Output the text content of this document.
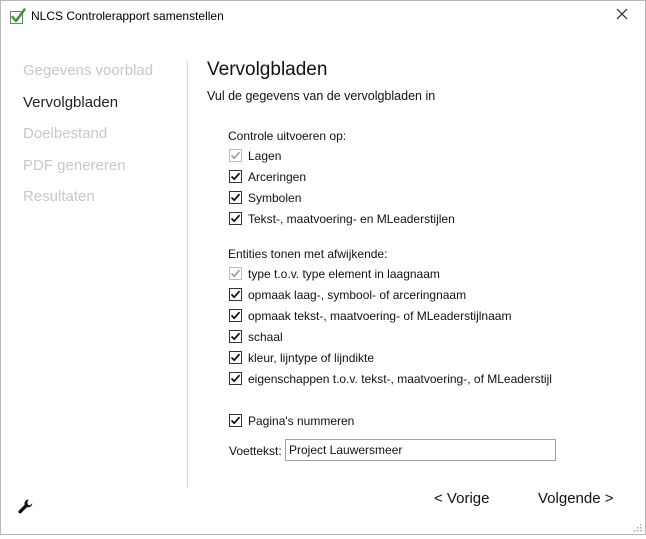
NLCS Controlerapport samenstellen
Gegevens voorblad
Vervolgbladen
Doelbestand
PDF genereren
Resultaten
Vervolgbladen
Vul de gegevens van de vervolgbladen in
Controle uitvoeren op:
Lagen
Arceringen
Symbolen
Tekst-, maatvoering- en MLeaderstijlen
Entities tonen met afwijkende:
type t.o.v. type element in laagnaam
opmaak laag-, symbool- of arceringnaam
opmaak tekst-, maatvoering- of MLeaderstijlnaam
schaal
kleur, lijntype of lijndikte
eigenschappen t.o.v. tekst-, maatvoering-, of MLeaderstijl
Pagina's nummeren
Voettekst:
Project Lauwersmeer
< Vorige	Volgende >
